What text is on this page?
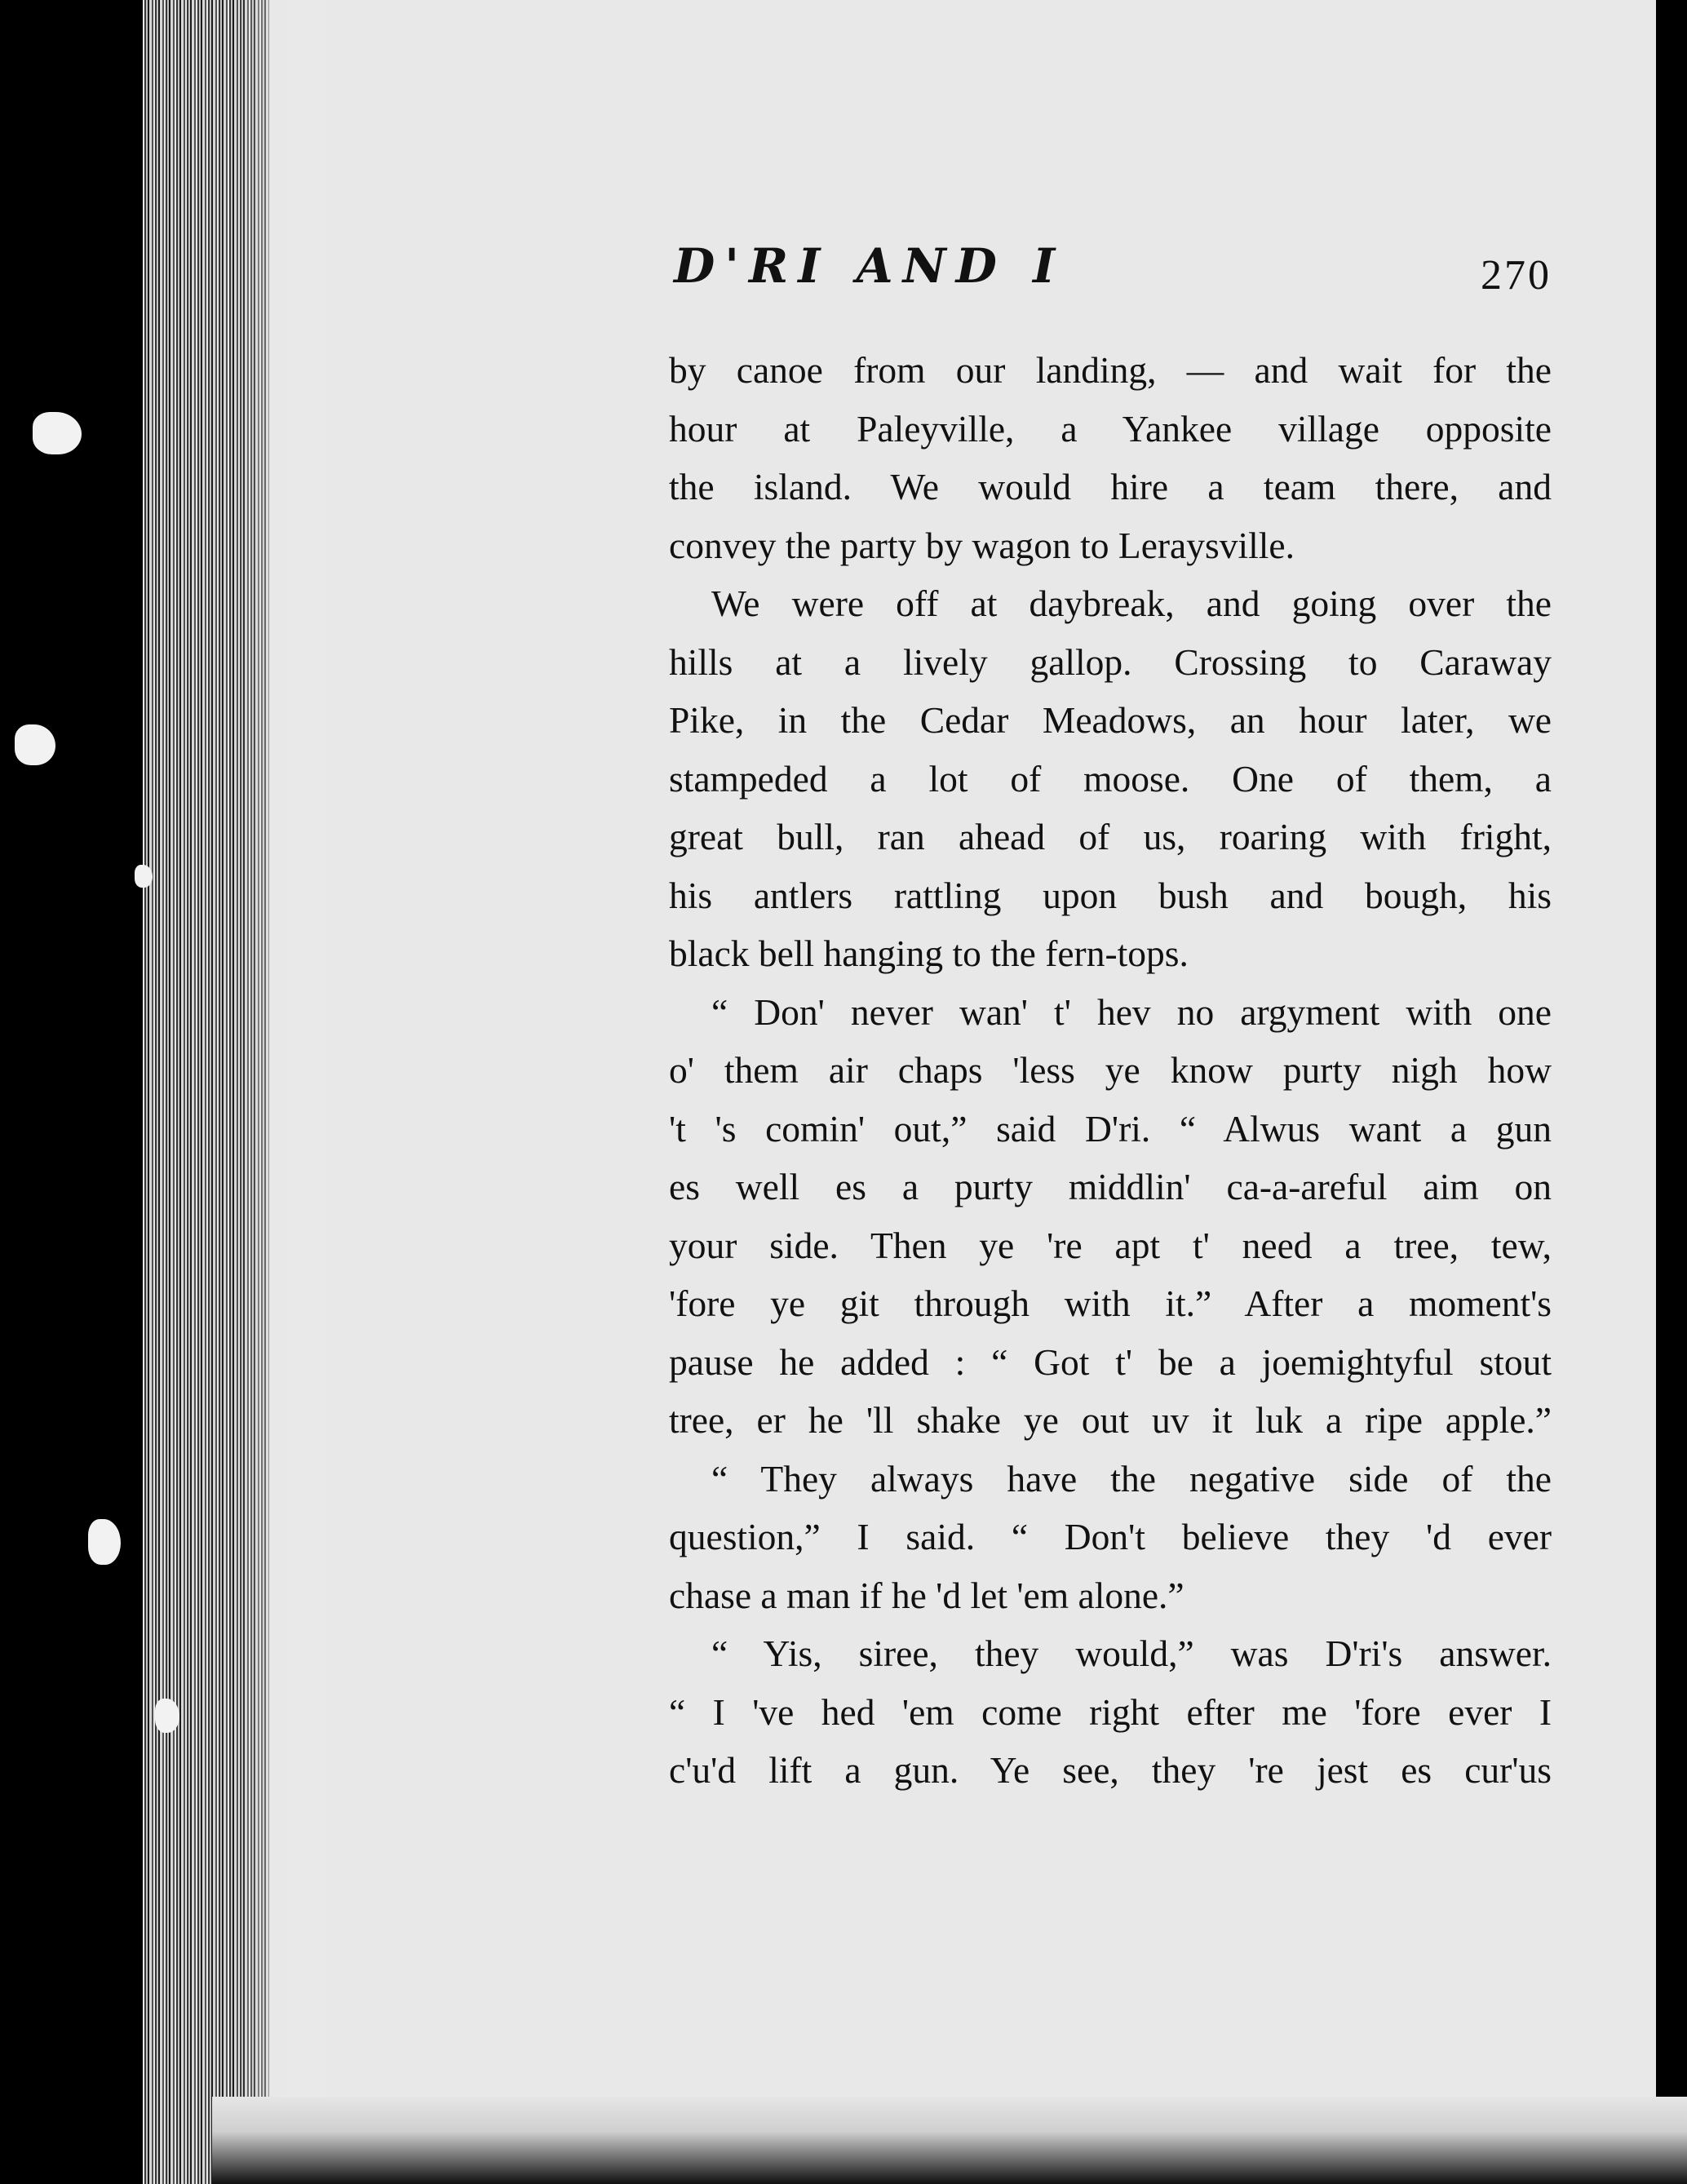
D'RI AND I	270
by canoe from our landing, — and wait for the
hour at Paleyville, a Yankee village opposite
the island. We would hire a team there, and
convey the party by wagon to Leraysville.
We were off at daybreak, and going over the
hills at a lively gallop. Crossing to Caraway
Pike, in the Cedar Meadows, an hour later, we
stampeded a lot of moose. One of them, a
great bull, ran ahead of us, roaring with fright,
his antlers rattling upon bush and bough, his
black bell hanging to the fern-tops.
“ Don' never wan' t' hev no argyment with one
o' them air chaps 'less ye know purty nigh how
't 's comin' out,” said D'ri. “ Alwus want a gun
es well es a purty middlin' ca-a-areful aim on
your side. Then ye 're apt t' need a tree, tew,
'fore ye git through with it.” After a moment's
pause he added : “ Got t' be a joemightyful stout
tree, er he 'll shake ye out uv it luk a ripe apple.”
“ They always have the negative side of the
question,” I said. “ Don't believe they 'd ever
chase a man if he 'd let 'em alone.”
“ Yis, siree, they would,” was D'ri's answer.
“ I 've hed 'em come right efter me 'fore ever I
c'u'd lift a gun. Ye see, they 're jest es cur'us
